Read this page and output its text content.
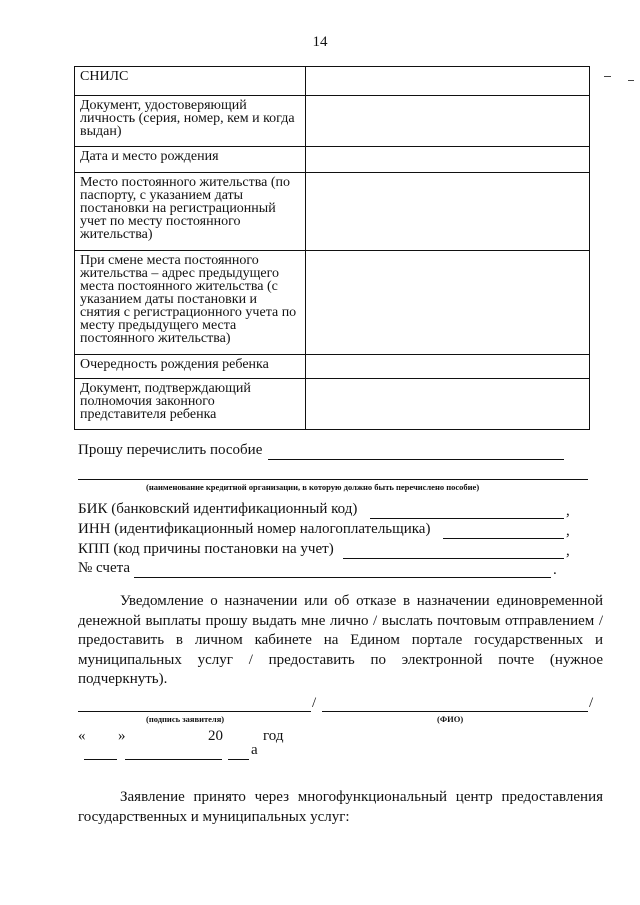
14
СНИЛС	
Документ, удостоверяющий личность (серия, номер, кем и когда выдан)	
Дата и место рождения	
Место постоянного жительства (по паспорту, с указанием даты постановки на регистрационный учет по месту постоянного жительства)	
При смене места постоянного жительства – адрес предыдущего места постоянного жительства (с указанием даты постановки и снятия с регистрационного учета по месту предыдущего места постоянного жительства)	
Очередность рождения ребенка	
Документ, подтверждающий полномочия законного представителя ребенка	
Прошу перечислить пособие
(наименование кредитной организации, в которую должно быть перечислено пособие)
БИК (банковский идентификационный код)	,
ИНН (идентификационный номер налогоплательщика)	,
КПП (код причины постановки на учет)	,
№ счета	.
Уведомление о назначении или об отказе в назначении единовременной денежной выплаты прошу выдать мне лично / выслать почтовым отправлением / предоставить в личном кабинете на Едином портале государственных и муниципальных услуг / предоставить по электронной почте (нужное подчеркнуть).
/	/
(подпись заявителя)	(ФИО)
« »	20	год
а
Заявление принято через многофункциональный центр предоставления государственных и муниципальных услуг:
